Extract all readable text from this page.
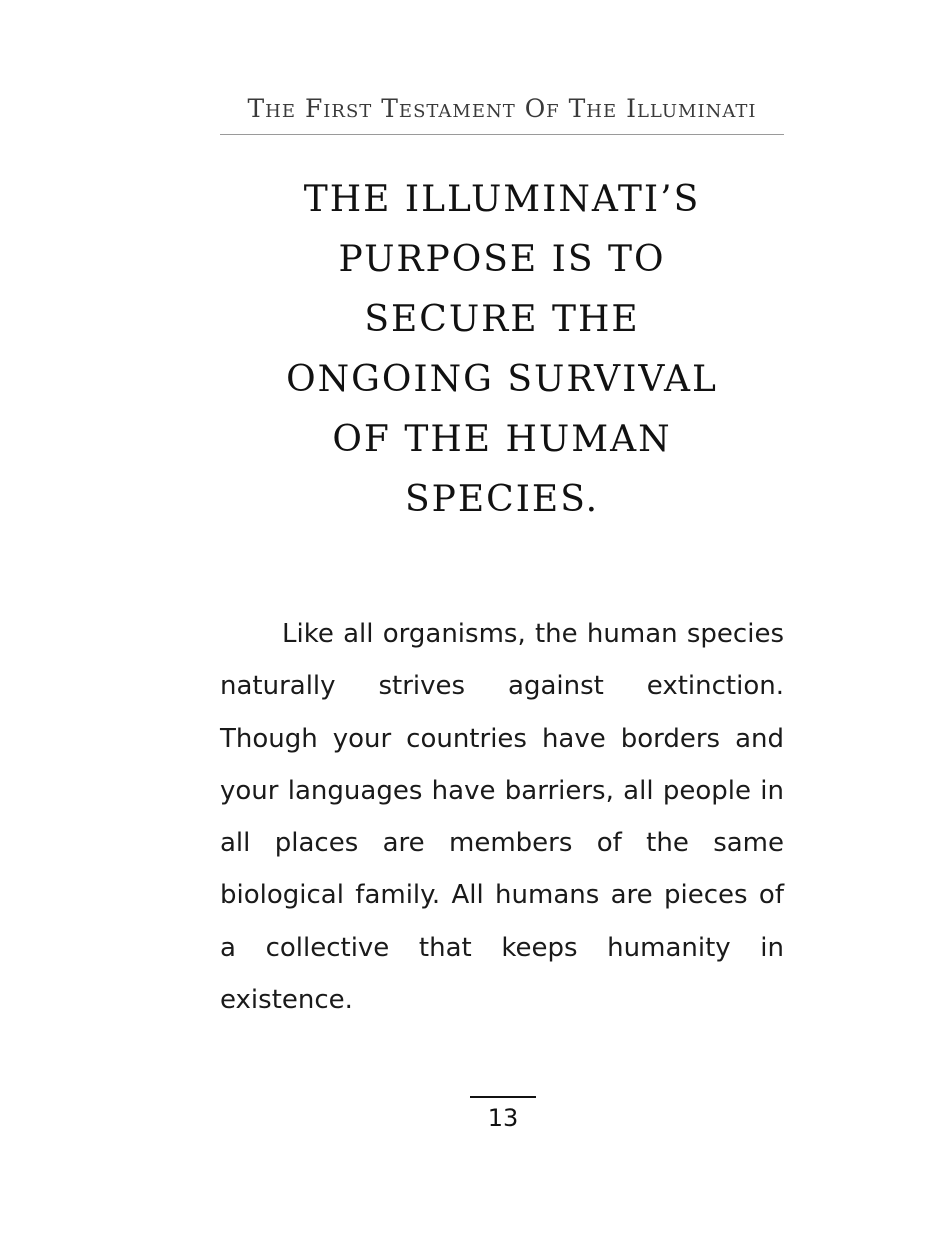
The First Testament Of The Illuminati
THE ILLUMINATI’S
PURPOSE IS TO
SECURE THE
ONGOING SURVIVAL
OF THE HUMAN
SPECIES.

Like all organisms, the human species naturally strives against extinction. Though your countries have borders and your languages have barriers, all people in all places are members of the same biological family. All humans are pieces of a collective that keeps humanity in existence.

13
